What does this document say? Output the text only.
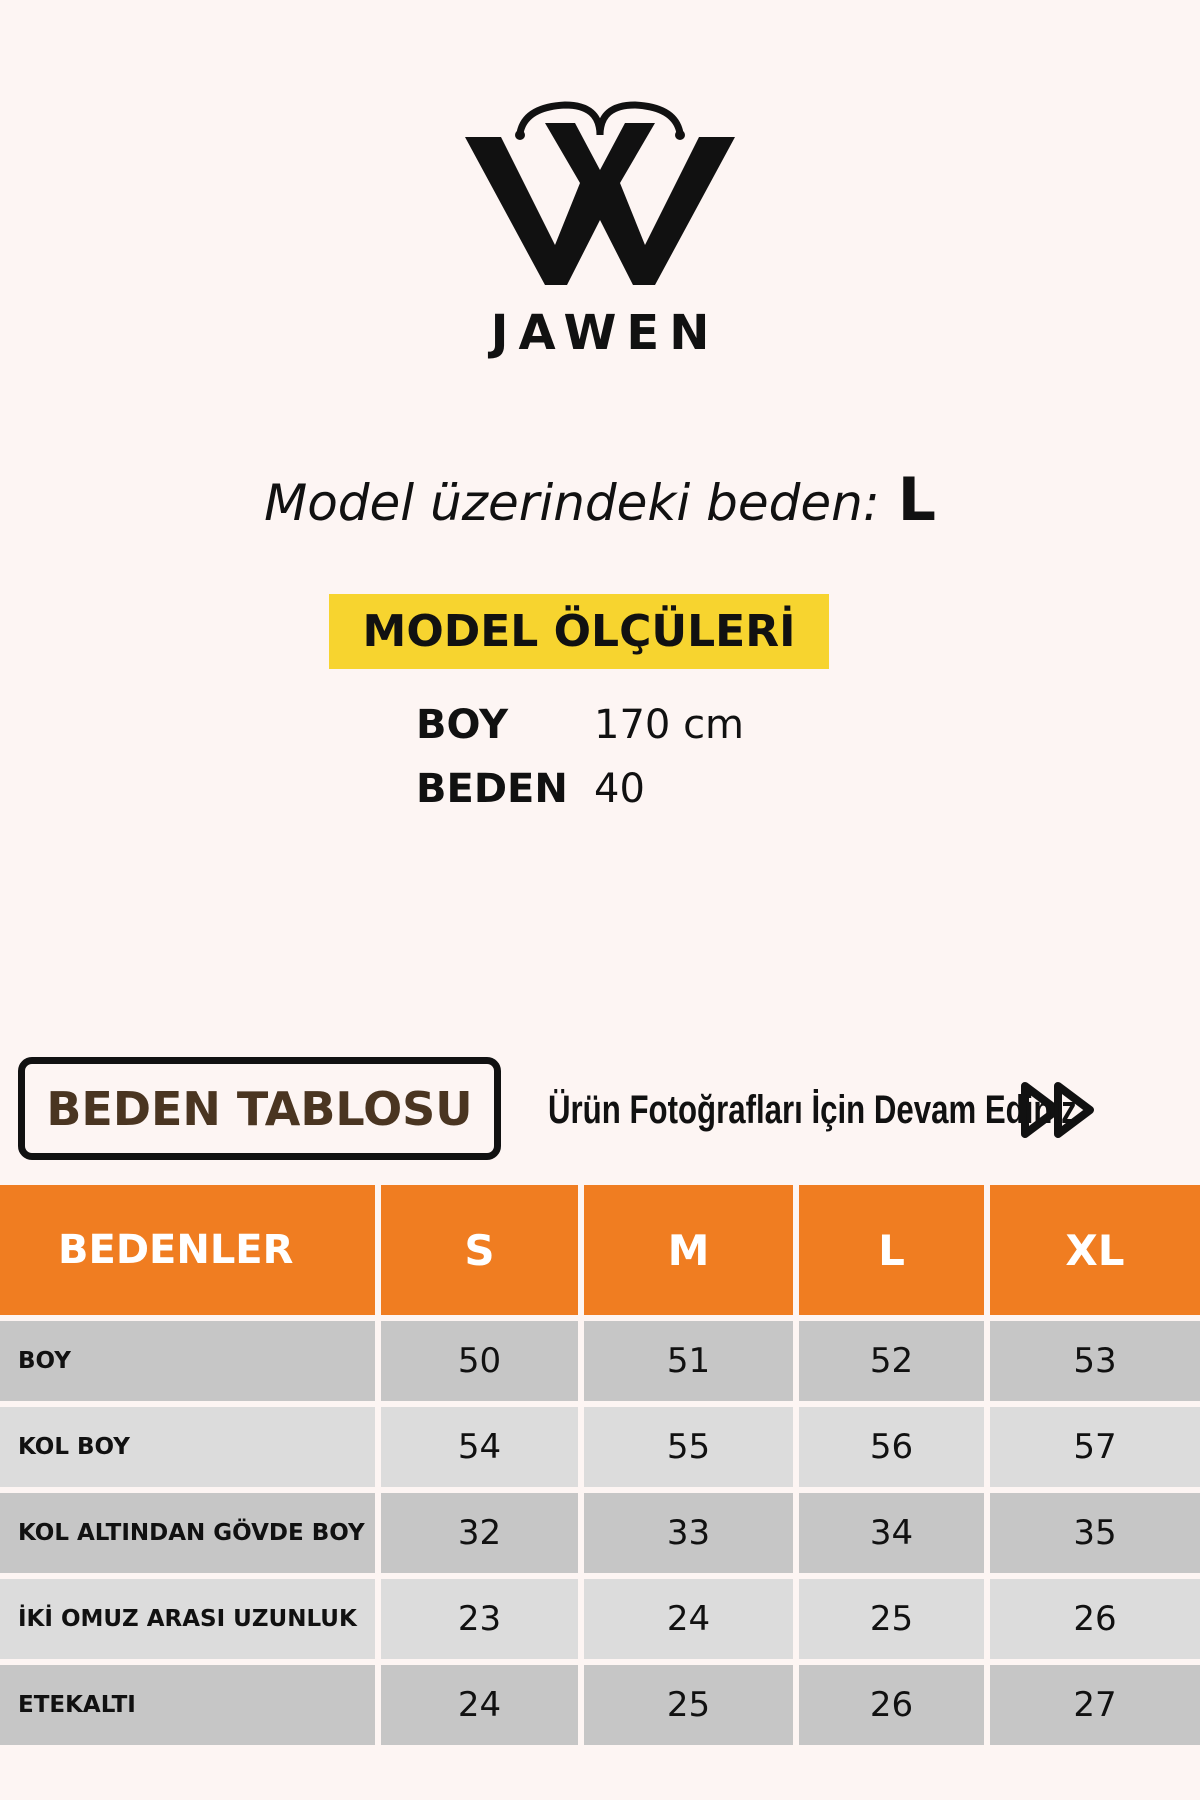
JAWEN
Model üzerindeki beden: L
MODEL ÖLÇÜLERİ
BOY	170 cm
BEDEN 40
BEDEN TABLOSU	Ürün Fotoğrafları İçin Devam Ediniz
BEDENLER	S	M	L	XL
BOY	50	51	52	53
KOL BOY	54	55	56	57
KOL ALTINDAN GÖVDE BOY	32	33	34	35
İKİ OMUZ ARASI UZUNLUK	23	24	25	26
ETEKALTI	24	25	26	27
